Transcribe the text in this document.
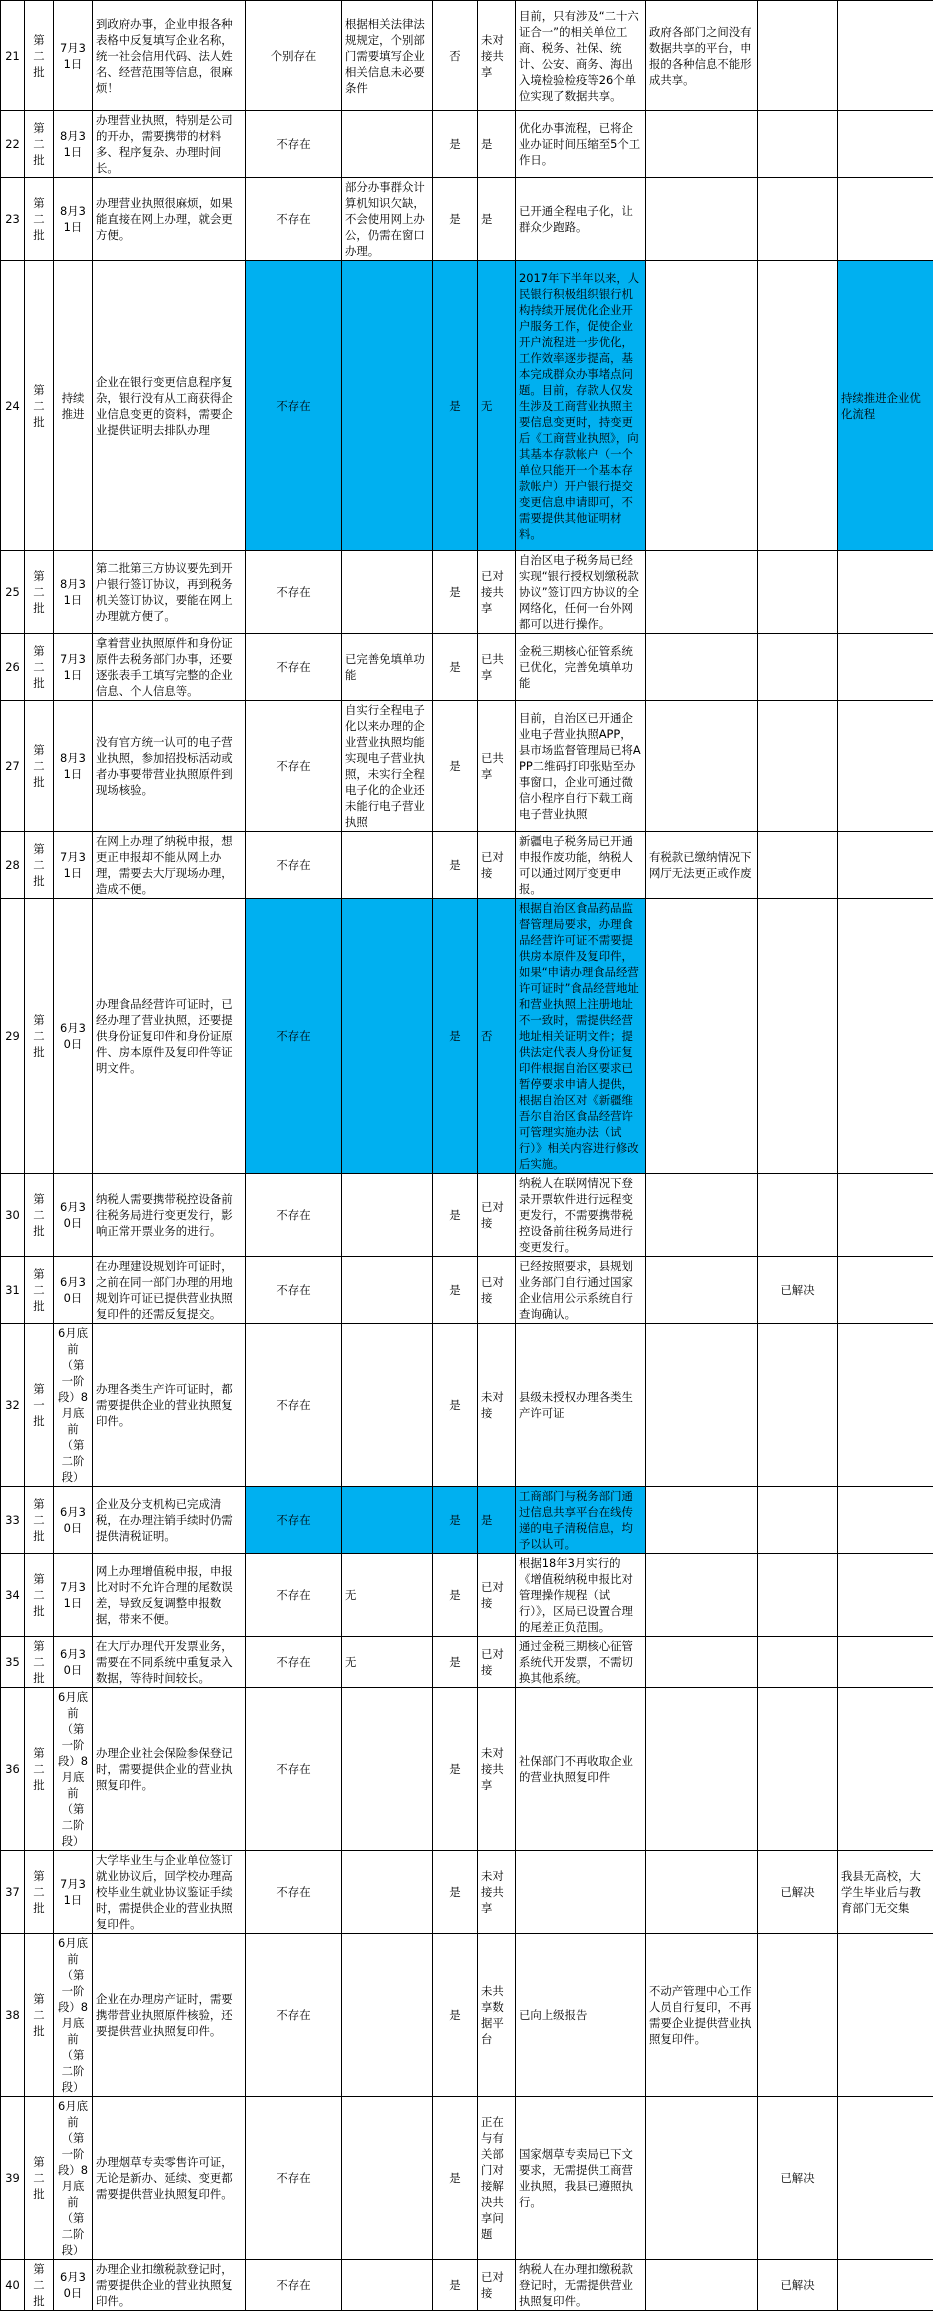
21	第二批	7月31日	到政府办事，企业申报各种表格中反复填写企业名称，统一社会信用代码、法人姓名、经营范围等信息，很麻烦！	个别存在	根据相关法律法规规定，个别部门需要填写企业相关信息未必要条件	否	未对接共享	目前，只有涉及“二十六证合一”的相关单位工商、税务、社保、统计、公安、商务、海出入境检验检疫等26个单位实现了数据共享。	政府各部门之间没有数据共享的平台，申报的各种信息不能形成共享。		

22	第二批	8月31日	办理营业执照，特别是公司的开办，需要携带的材料多、程序复杂、办理时间长。	不存在		是	是	优化办事流程，已将企业办证时间压缩至5个工作日。			

23	第二批	8月31日	办理营业执照很麻烦，如果能直接在网上办理，就会更方便。	不存在	部分办事群众计算机知识欠缺，不会使用网上办公，仍需在窗口办理。	是	是	已开通全程电子化，让群众少跑路。			

24	第二批	持续推进	企业在银行变更信息程序复杂，银行没有从工商获得企业信息变更的资料，需要企业提供证明去排队办理	不存在		是	无	2017年下半年以来，人民银行积极组织银行机构持续开展优化企业开户服务工作，促使企业开户流程进一步优化，工作效率逐步提高，基本完成群众办事堵点问题。目前，存款人仅发生涉及工商营业执照主要信息变更时，持变更后《工商营业执照》，向其基本存款帐户（一个单位只能开一个基本存款帐户）开户银行提交变更信息申请即可，不需要提供其他证明材料。			持续推进企业优化流程

25	第二批	8月31日	第二批第三方协议要先到开户银行签订协议，再到税务机关签订协议，要能在网上办理就方便了。	不存在		是	已对接共享	自治区电子税务局已经实现“银行授权划缴税款协议”签订四方协议的全网络化，任何一台外网都可以进行操作。			

26	第二批	7月31日	拿着营业执照原件和身份证原件去税务部门办事，还要逐张表手工填写完整的企业信息、个人信息等。	不存在	已完善免填单功能	是	已共享	金税三期核心征管系统已优化，完善免填单功能			

27	第二批	8月31日	没有官方统一认可的电子营业执照，参加招投标活动或者办事要带营业执照原件到现场核验。	不存在	自实行全程电子化以来办理的企业营业执照均能实现电子营业执照，未实行全程电子化的企业还未能行电子营业执照	是	已共享	目前，自治区已开通企业电子营业执照APP，县市场监督管理局已将APP二维码打印张贴至办事窗口，企业可通过微信小程序自行下载工商电子营业执照			

28	第二批	7月31日	在网上办理了纳税申报，想更正申报却不能从网上办理，需要去大厅现场办理，造成不便。	不存在		是	已对接	新疆电子税务局已开通申报作废功能，纳税人可以通过网厅变更申报。	有税款已缴纳情况下网厅无法更正或作废		

29	第二批	6月30日	办理食品经营许可证时，已经办理了营业执照，还要提供身份证复印件和身份证原件、房本原件及复印件等证明文件。	不存在		是	否	根据自治区食品药品监督管理局要求，办理食品经营许可证不需要提供房本原件及复印件，如果“申请办理食品经营许可证时”食品经营地址和营业执照上注册地址不一致时，需提供经营地址相关证明文件；提供法定代表人身份证复印件根据自治区要求已暂停要求申请人提供，根据自治区对《新疆维吾尔自治区食品经营许可管理实施办法（试行）》相关内容进行修改后实施。			

30	第二批	6月30日	纳税人需要携带税控设备前往税务局进行变更发行，影响正常开票业务的进行。	不存在		是	已对接	纳税人在联网情况下登录开票软件进行远程变更发行，不需要携带税控设备前往税务局进行变更发行。			

31	第二批	6月30日	在办理建设规划许可证时，之前在同一部门办理的用地规划许可证已提供营业执照复印件的还需反复提交。	不存在		是	已对接	已经按照要求，县规划业务部门自行通过国家企业信用公示系统自行查询确认。		已解决	

32	第一批	6月底前（第一阶段）8月底前（第二阶段）	办理各类生产许可证时，都需要提供企业的营业执照复印件。	不存在		是	未对接	县级未授权办理各类生产许可证			

33	第二批	6月30日	企业及分支机构已完成清税，在办理注销手续时仍需提供清税证明。	不存在		是	是	工商部门与税务部门通过信息共享平台在线传递的电子清税信息，均予以认可。			

34	第二批	7月31日	网上办理增值税申报，申报比对时不允许合理的尾数误差，导致反复调整申报数据，带来不便。	不存在	无	是	已对接	根据18年3月实行的《增值税纳税申报比对管理操作规程（试行）》，区局已设置合理的尾差正负范围。			

35	第二批	6月30日	在大厅办理代开发票业务，需要在不同系统中重复录入数据，等待时间较长。	不存在	无	是	已对接	通过金税三期核心征管系统代开发票，不需切换其他系统。			

36	第二批	6月底前（第一阶段）8月底前（第二阶段）	办理企业社会保险参保登记时，需要提供企业的营业执照复印件。	不存在		是	未对接共享	社保部门不再收取企业的营业执照复印件			

37	第二批	7月31日	大学毕业生与企业单位签订就业协议后，回学校办理高校毕业生就业协议鉴证手续时，需提供企业的营业执照复印件。	不存在		是	未对接共享			已解决	我县无高校，大学生毕业后与教育部门无交集

38	第二批	6月底前（第一阶段）8月底前（第二阶段）	企业在办理房产证时，需要携带营业执照原件核验，还要提供营业执照复印件。	不存在		是	未共享数据平台	已向上级报告	不动产管理中心工作人员自行复印，不再需要企业提供营业执照复印件。		

39	第二批	6月底前（第一阶段）8月底前（第二阶段）	办理烟草专卖零售许可证，无论是新办、延续、变更都需要提供营业执照复印件。	不存在		是	正在与有关部门对接解决共享问题	国家烟草专卖局已下文要求，无需提供工商营业执照，我县已遵照执行。		已解决	

40	第二批	6月30日	办理企业扣缴税款登记时，需要提供企业的营业执照复印件。	不存在		是	已对接	纳税人在办理扣缴税款登记时，无需提供营业执照复印件。		已解决	
